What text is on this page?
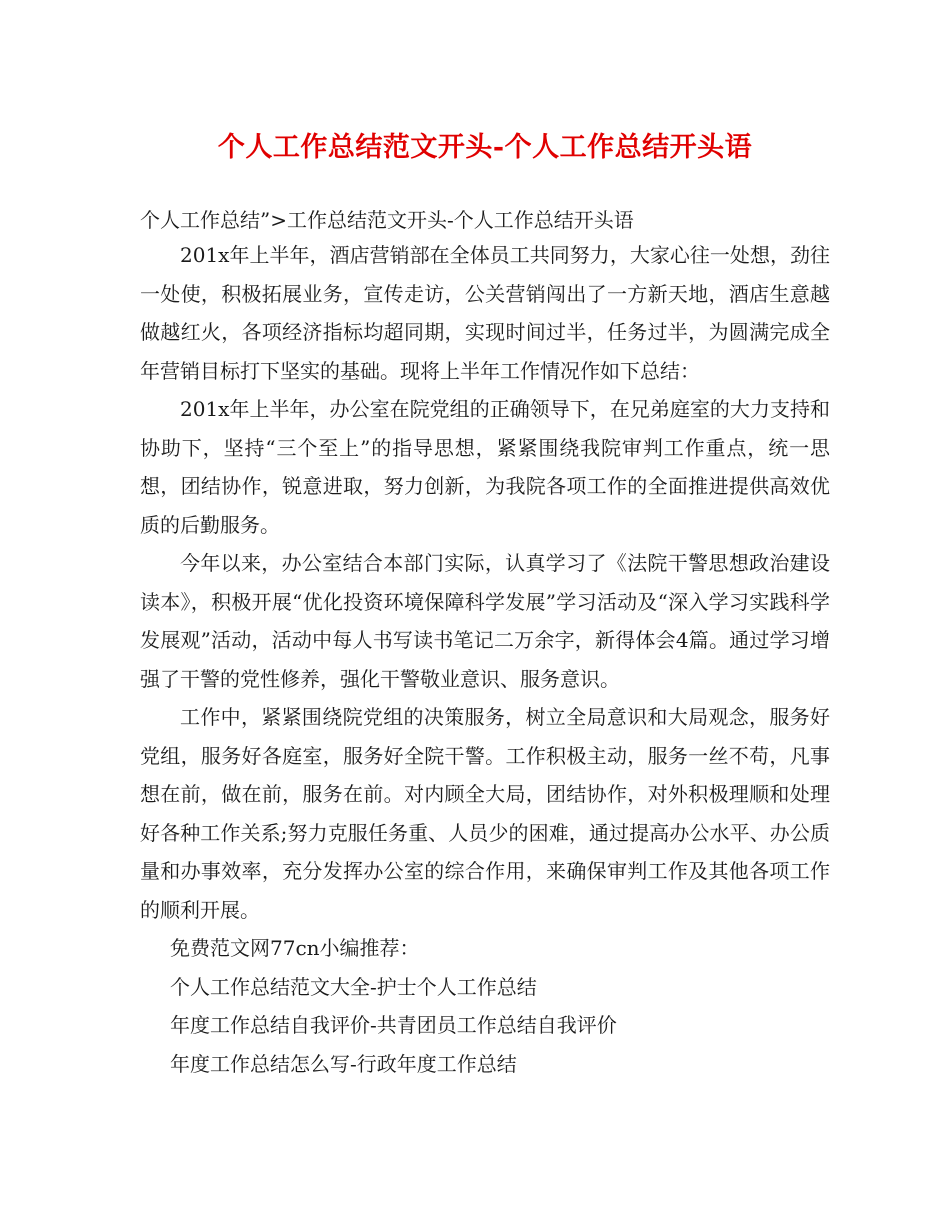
个人工作总结范文开头-个人工作总结开头语

个人工作总结”>工作总结范文开头-个人工作总结开头语

201x年上半年，酒店营销部在全体员工共同努力，大家心往一处想，劲往一处使，积极拓展业务，宣传走访，公关营销闯出了一方新天地，酒店生意越做越红火，各项经济指标均超同期，实现时间过半，任务过半，为圆满完成全年营销目标打下坚实的基础。现将上半年工作情况作如下总结：

201x年上半年，办公室在院党组的正确领导下，在兄弟庭室的大力支持和协助下，坚持“三个至上”的指导思想，紧紧围绕我院审判工作重点，统一思想，团结协作，锐意进取，努力创新，为我院各项工作的全面推进提供高效优质的后勤服务。

今年以来，办公室结合本部门实际，认真学习了《法院干警思想政治建设读本》，积极开展“优化投资环境保障科学发展”学习活动及“深入学习实践科学发展观”活动，活动中每人书写读书笔记二万余字，新得体会4篇。通过学习增强了干警的党性修养，强化干警敬业意识、服务意识。

工作中，紧紧围绕院党组的决策服务，树立全局意识和大局观念，服务好党组，服务好各庭室，服务好全院干警。工作积极主动，服务一丝不苟，凡事想在前，做在前，服务在前。对内顾全大局，团结协作，对外积极理顺和处理好各种工作关系;努力克服任务重、人员少的困难，通过提高办公水平、办公质量和办事效率，充分发挥办公室的综合作用，来确保审判工作及其他各项工作的顺利开展。

免费范文网77cn小编推荐：

个人工作总结范文大全-护士个人工作总结
年度工作总结自我评价-共青团员工作总结自我评价
年度工作总结怎么写-行政年度工作总结
